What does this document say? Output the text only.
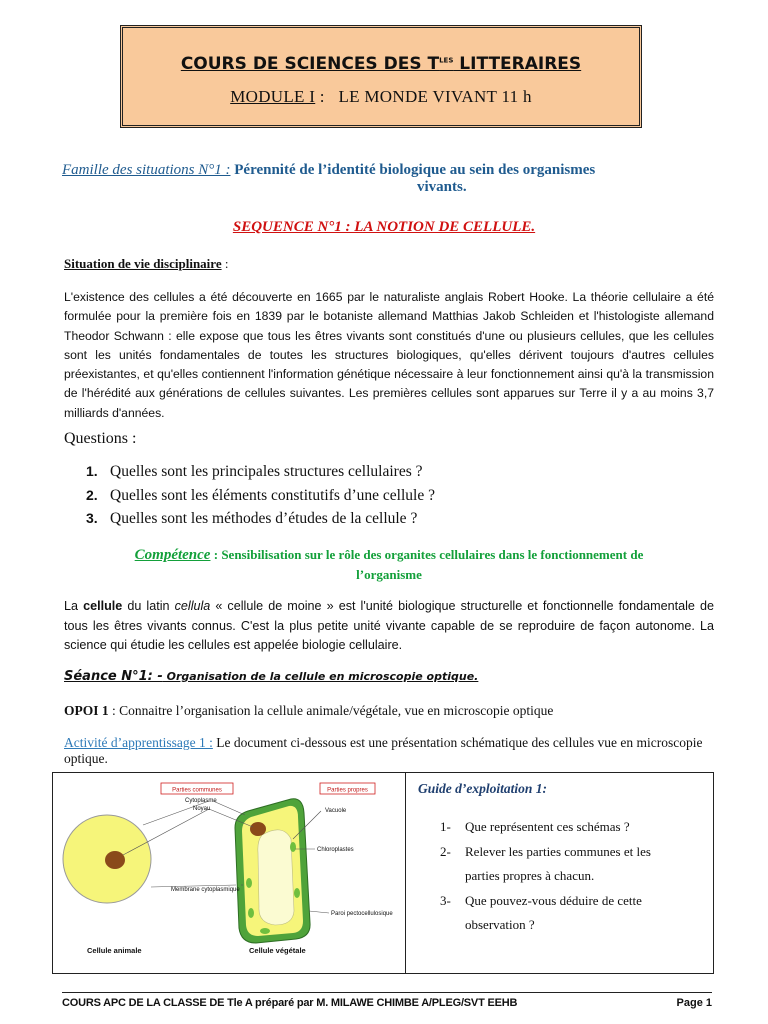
COURS DE SCIENCES DES $T^{LES}$ LITTERAIRES
MODULE I :   LE MONDE VIVANT 11 h
Famille des situations N°1 : Pérennité de l’identité biologique au sein des organismes
vivants.
SEQUENCE N°1 : LA NOTION DE CELLULE.
Situation de vie disciplinaire :
L'existence des cellules a été découverte en 1665 par le naturaliste anglais Robert Hooke. La théorie cellulaire a été formulée pour la première fois en 1839 par le botaniste allemand Matthias Jakob Schleiden et l'histologiste allemand Theodor Schwann : elle expose que tous les êtres vivants sont constitués d'une ou plusieurs cellules, que les cellules sont les unités fondamentales de toutes les structures biologiques, qu'elles dérivent toujours d'autres cellules préexistantes, et qu'elles contiennent l'information génétique nécessaire à leur fonctionnement ainsi qu'à la transmission de l'hérédité aux générations de cellules suivantes. Les premières cellules sont apparues sur Terre il y a au moins 3,7 milliards d'années.
Questions :
1. Quelles sont les principales structures cellulaires ?
2. Quelles sont les éléments constitutifs d’une cellule ?
3. Quelles sont les méthodes d’études de la cellule ?
Compétence : Sensibilisation sur le rôle des organites cellulaires dans le fonctionnement de
l’organisme
La cellule du latin cellula « cellule de moine » est l'unité biologique structurelle et fonctionnelle fondamentale de tous les êtres vivants connus. C'est la plus petite unité vivante capable de se reproduire de façon autonome. La science qui étudie les cellules est appelée biologie cellulaire.
Séance N°1: - Organisation de la cellule en microscopie optique.
OPOI 1 : Connaitre l’organisation la cellule animale/végétale, vue en microscopie optique
Activité d’apprentissage 1 : Le document ci-dessous est une présentation schématique des cellules vue en microscopie optique.
Parties communes	Parties propres
Cytoplasme
Noyau
Membrane cytoplasmique
Vacuole
Chloroplastes
Paroi pectocellulosique
Cellule animale	Cellule végétale
Guide d’exploitation 1:
1-	Que représentent ces schémas ?
2-	Relever les parties communes et les
parties propres à chacun.
3-	Que pouvez-vous déduire de cette
observation ?
COURS APC DE LA CLASSE DE Tle A préparé par M. MILAWE CHIMBE A/PLEG/SVT EEHB	Page 1
